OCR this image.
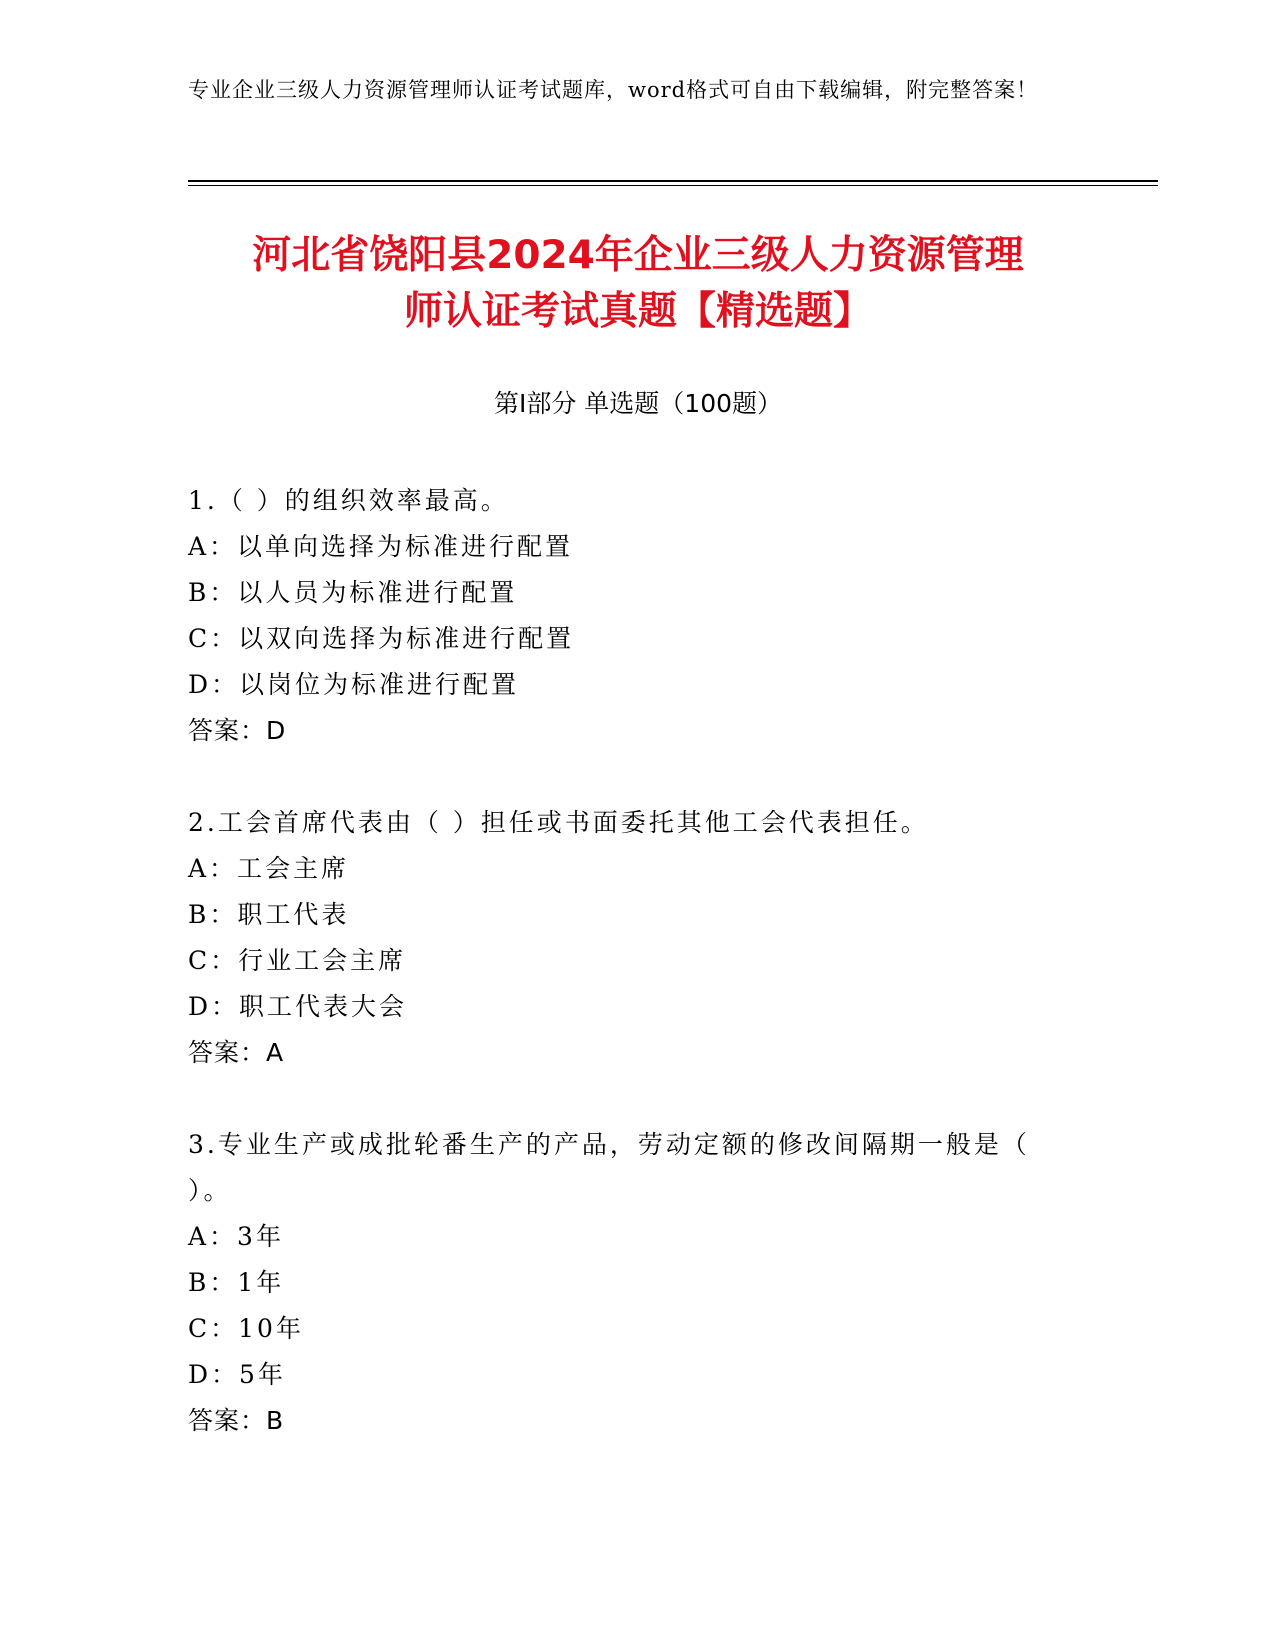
专业企业三级人力资源管理师认证考试题库，word格式可自由下载编辑，附完整答案！
河北省饶阳县2024年企业三级人力资源管理
师认证考试真题【精选题】
第I部分 单选题（100题）
1.（ ）的组织效率最高。
A：以单向选择为标准进行配置
B：以人员为标准进行配置
C：以双向选择为标准进行配置
D：以岗位为标准进行配置
答案：D
2.工会首席代表由（ ）担任或书面委托其他工会代表担任。
A：工会主席
B：职工代表
C：行业工会主席
D：职工代表大会
答案：A
3.专业生产或成批轮番生产的产品，劳动定额的修改间隔期一般是（ ）。
A：3年
B：1年
C：10年
D：5年
答案：B
